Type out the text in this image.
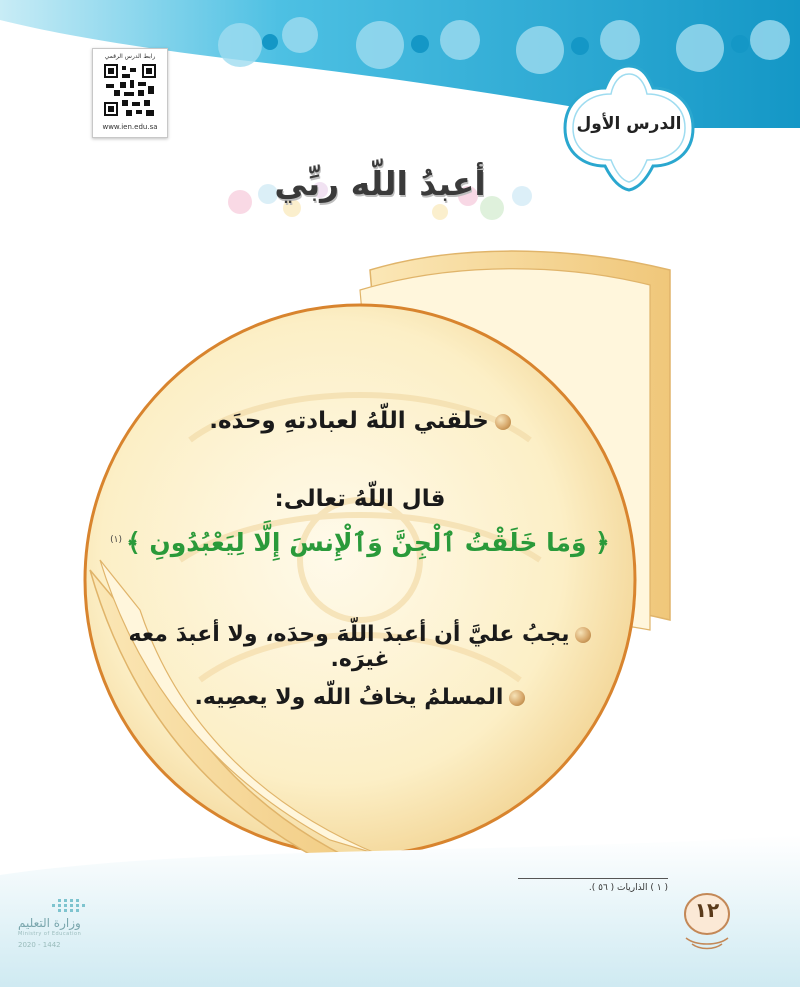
رابط الدرس الرقمي
www.ien.edu.sa	الدرس الأول
أعبدُ اللّه ربِّي
خلقني اللّهُ لعبادتهِ وحدَه.
قال اللّهُ تعالى:
﴿ وَمَا خَلَقْتُ ٱلْجِنَّ وَٱلْإِنسَ إِلَّا لِيَعْبُدُونِ ﴾$^{(١)}$
يجبُ عليَّ أن أعبدَ اللّهَ وحدَه، ولا أعبدَ معه غيرَه.
المسلمُ يخافُ اللّه ولا يعصِيه.
( ١ ) الذاريات ( ٥٦ ).
١٢
وزارة التعليم
Ministry of Education
2020 - 1442
